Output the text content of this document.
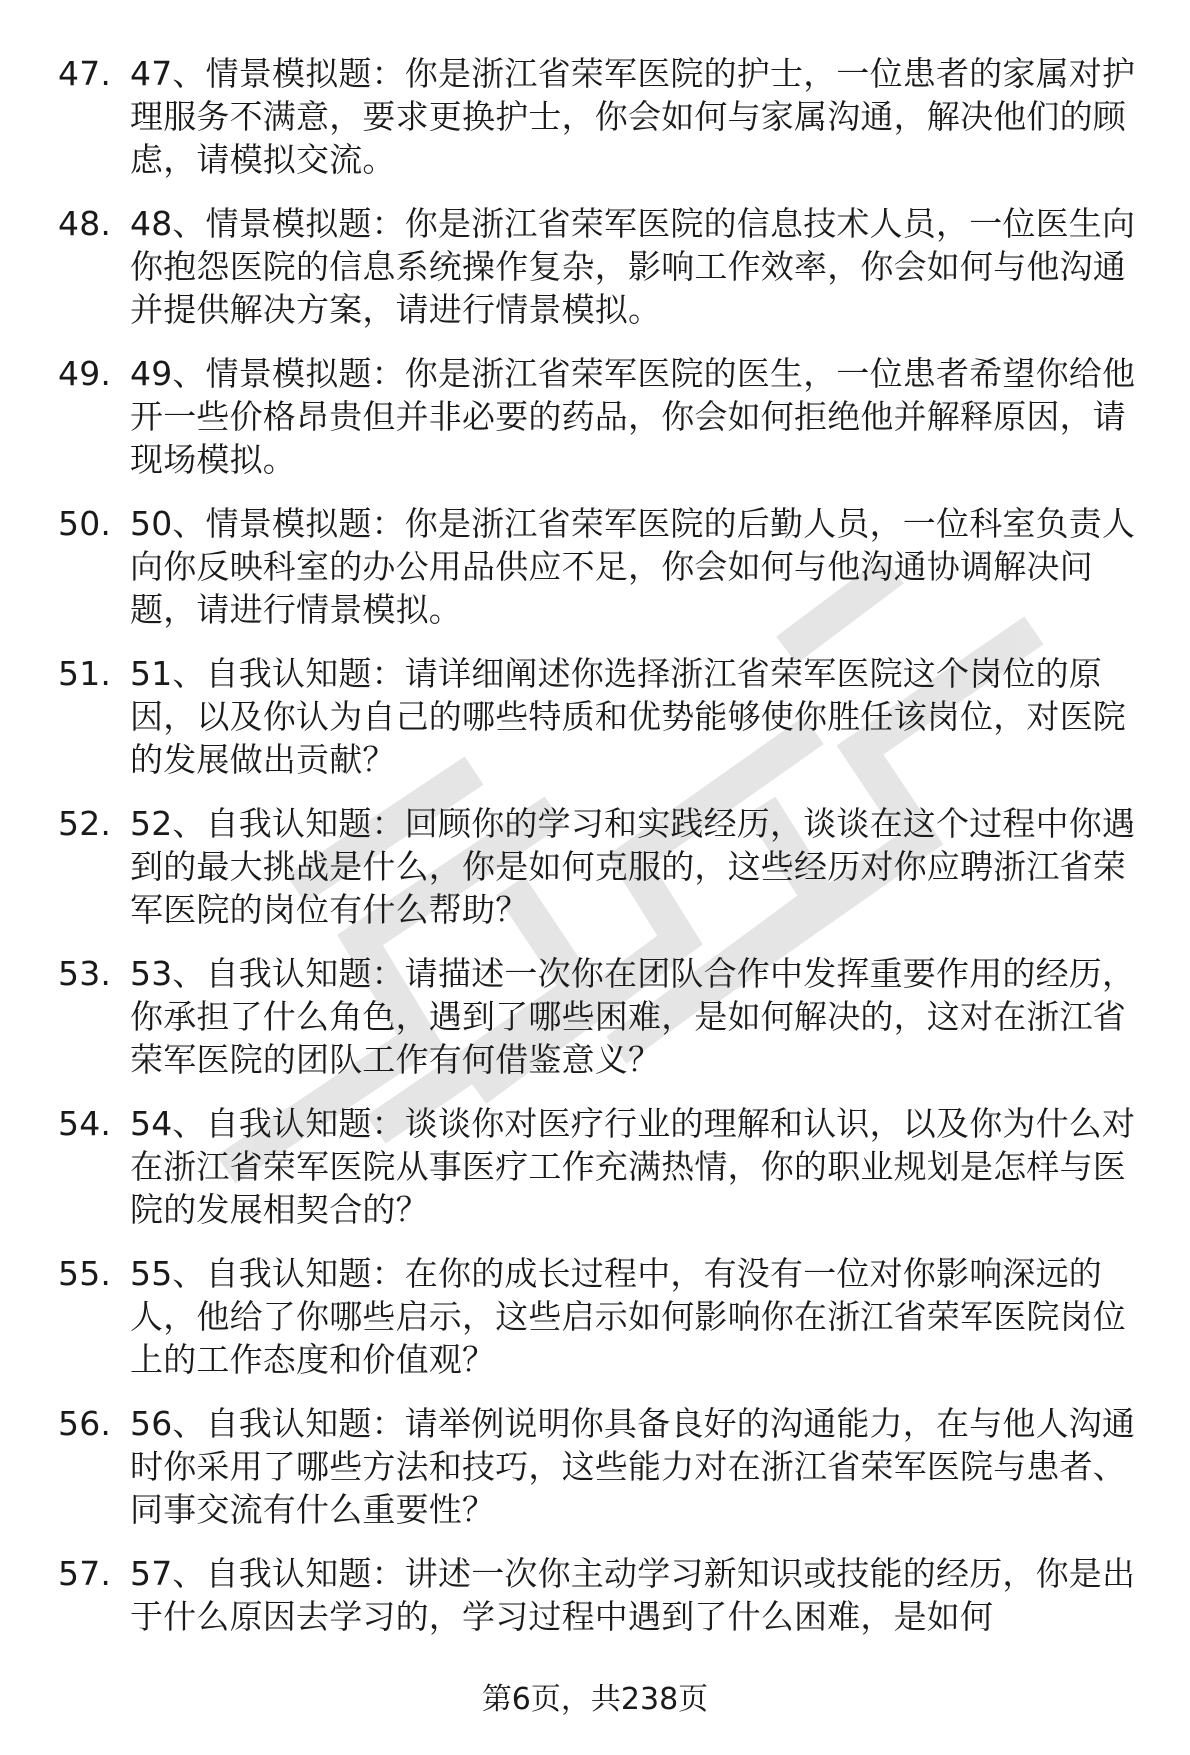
47. 47、情景模拟题：你是浙江省荣军医院的护士，一位患者的家属对护理服务不满意，要求更换护士，你会如何与家属沟通，解决他们的顾虑，请模拟交流。
48. 48、情景模拟题：你是浙江省荣军医院的信息技术人员，一位医生向你抱怨医院的信息系统操作复杂，影响工作效率，你会如何与他沟通并提供解决方案，请进行情景模拟。
49. 49、情景模拟题：你是浙江省荣军医院的医生，一位患者希望你给他开一些价格昂贵但并非必要的药品，你会如何拒绝他并解释原因，请现场模拟。
50. 50、情景模拟题：你是浙江省荣军医院的后勤人员，一位科室负责人向你反映科室的办公用品供应不足，你会如何与他沟通协调解决问题，请进行情景模拟。
51. 51、自我认知题：请详细阐述你选择浙江省荣军医院这个岗位的原因，以及你认为自己的哪些特质和优势能够使你胜任该岗位，对医院的发展做出贡献？
52. 52、自我认知题：回顾你的学习和实践经历，谈谈在这个过程中你遇到的最大挑战是什么，你是如何克服的，这些经历对你应聘浙江省荣军医院的岗位有什么帮助？
53. 53、自我认知题：请描述一次你在团队合作中发挥重要作用的经历，你承担了什么角色，遇到了哪些困难，是如何解决的，这对在浙江省荣军医院的团队工作有何借鉴意义？
54. 54、自我认知题：谈谈你对医疗行业的理解和认识，以及你为什么对在浙江省荣军医院从事医疗工作充满热情，你的职业规划是怎样与医院的发展相契合的？
55. 55、自我认知题：在你的成长过程中，有没有一位对你影响深远的人，他给了你哪些启示，这些启示如何影响你在浙江省荣军医院岗位上的工作态度和价值观？
56. 56、自我认知题：请举例说明你具备良好的沟通能力，在与他人沟通时你采用了哪些方法和技巧，这些能力对在浙江省荣军医院与患者、同事交流有什么重要性？
57. 57、自我认知题：讲述一次你主动学习新知识或技能的经历，你是出于什么原因去学习的，学习过程中遇到了什么困难，是如何
第6页，共238页
